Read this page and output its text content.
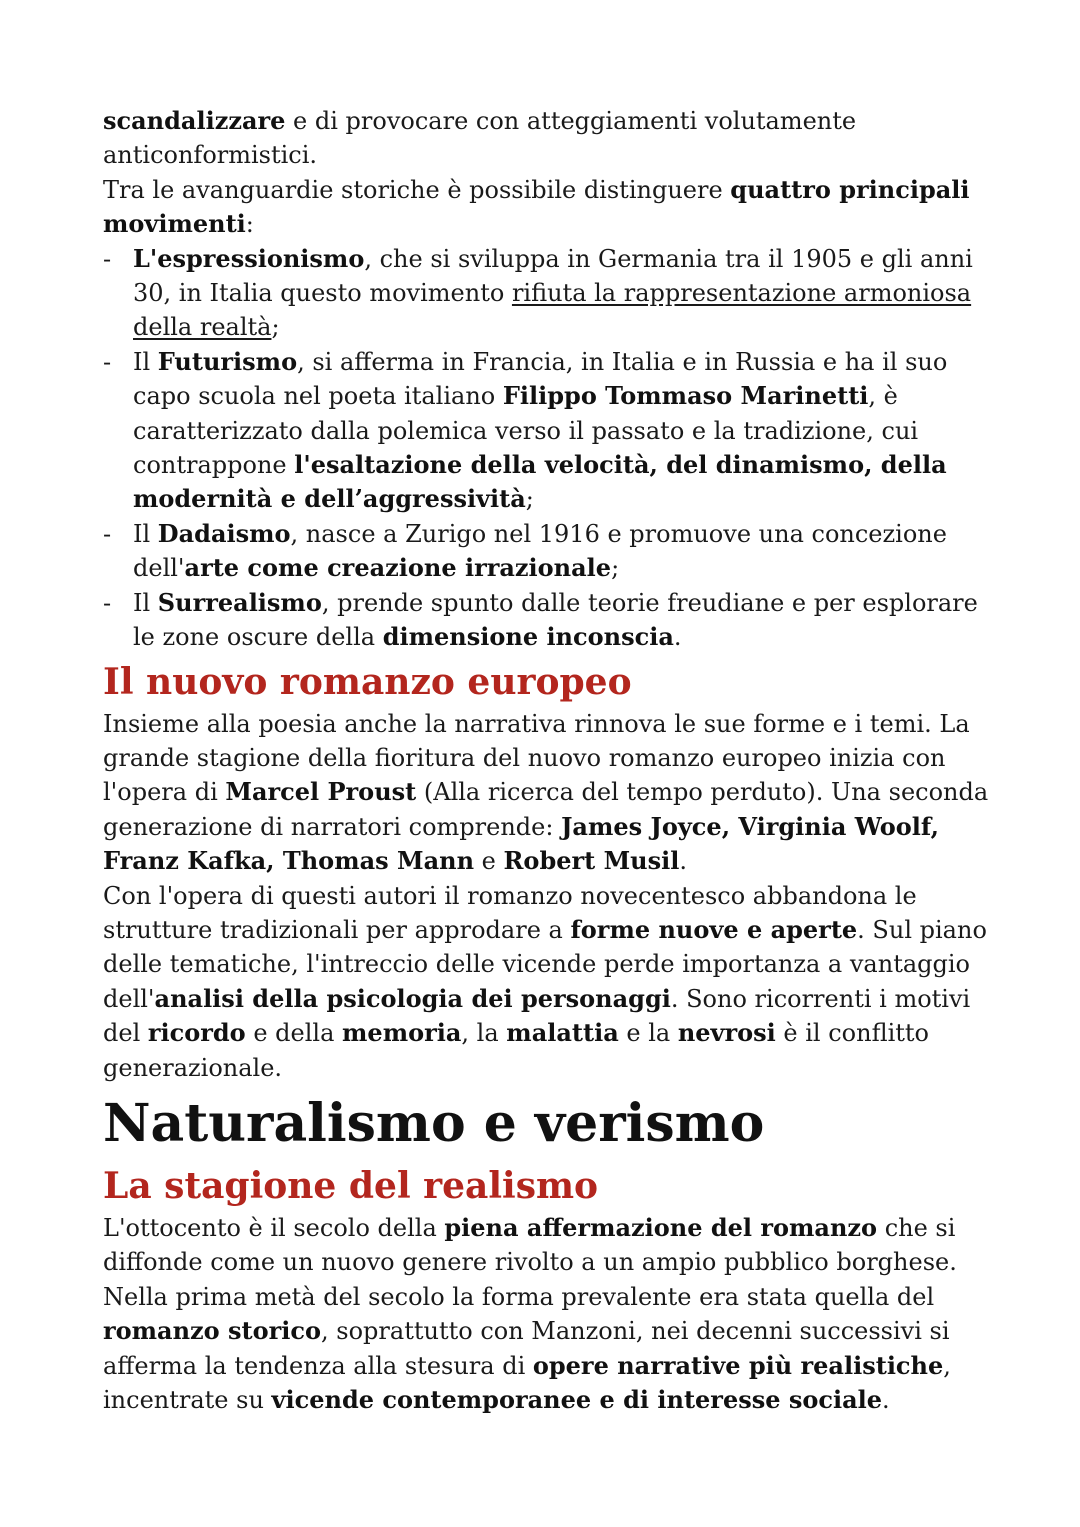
scandalizzare e di provocare con atteggiamenti volutamente anticonformistici.

Tra le avanguardie storiche è possibile distinguere quattro principali movimenti:

- L'espressionismo, che si sviluppa in Germania tra il 1905 e gli anni 30, in Italia questo movimento rifiuta la rappresentazione armoniosa della realtà;
- Il Futurismo, si afferma in Francia, in Italia e in Russia e ha il suo capo scuola nel poeta italiano Filippo Tommaso Marinetti, è caratterizzato dalla polemica verso il passato e la tradizione, cui contrappone l'esaltazione della velocità, del dinamismo, della modernità e dell’aggressività;
- Il Dadaismo, nasce a Zurigo nel 1916 e promuove una concezione dell'arte come creazione irrazionale;
- Il Surrealismo, prende spunto dalle teorie freudiane e per esplorare le zone oscure della dimensione inconscia.
Il nuovo romanzo europeo

Insieme alla poesia anche la narrativa rinnova le sue forme e i temi. La grande stagione della fioritura del nuovo romanzo europeo inizia con l'opera di Marcel Proust (Alla ricerca del tempo perduto). Una seconda generazione di narratori comprende: James Joyce, Virginia Woolf, Franz Kafka, Thomas Mann e Robert Musil.

Con l'opera di questi autori il romanzo novecentesco abbandona le strutture tradizionali per approdare a forme nuove e aperte. Sul piano delle tematiche, l'intreccio delle vicende perde importanza a vantaggio dell'analisi della psicologia dei personaggi. Sono ricorrenti i motivi del ricordo e della memoria, la malattia e la nevrosi è il conflitto generazionale.

Naturalismo e verismo
La stagione del realismo

L'ottocento è il secolo della piena affermazione del romanzo che si diffonde come un nuovo genere rivolto a un ampio pubblico borghese. Nella prima metà del secolo la forma prevalente era stata quella del romanzo storico, soprattutto con Manzoni, nei decenni successivi si afferma la tendenza alla stesura di opere narrative più realistiche, incentrate su vicende contemporanee e di interesse sociale.
